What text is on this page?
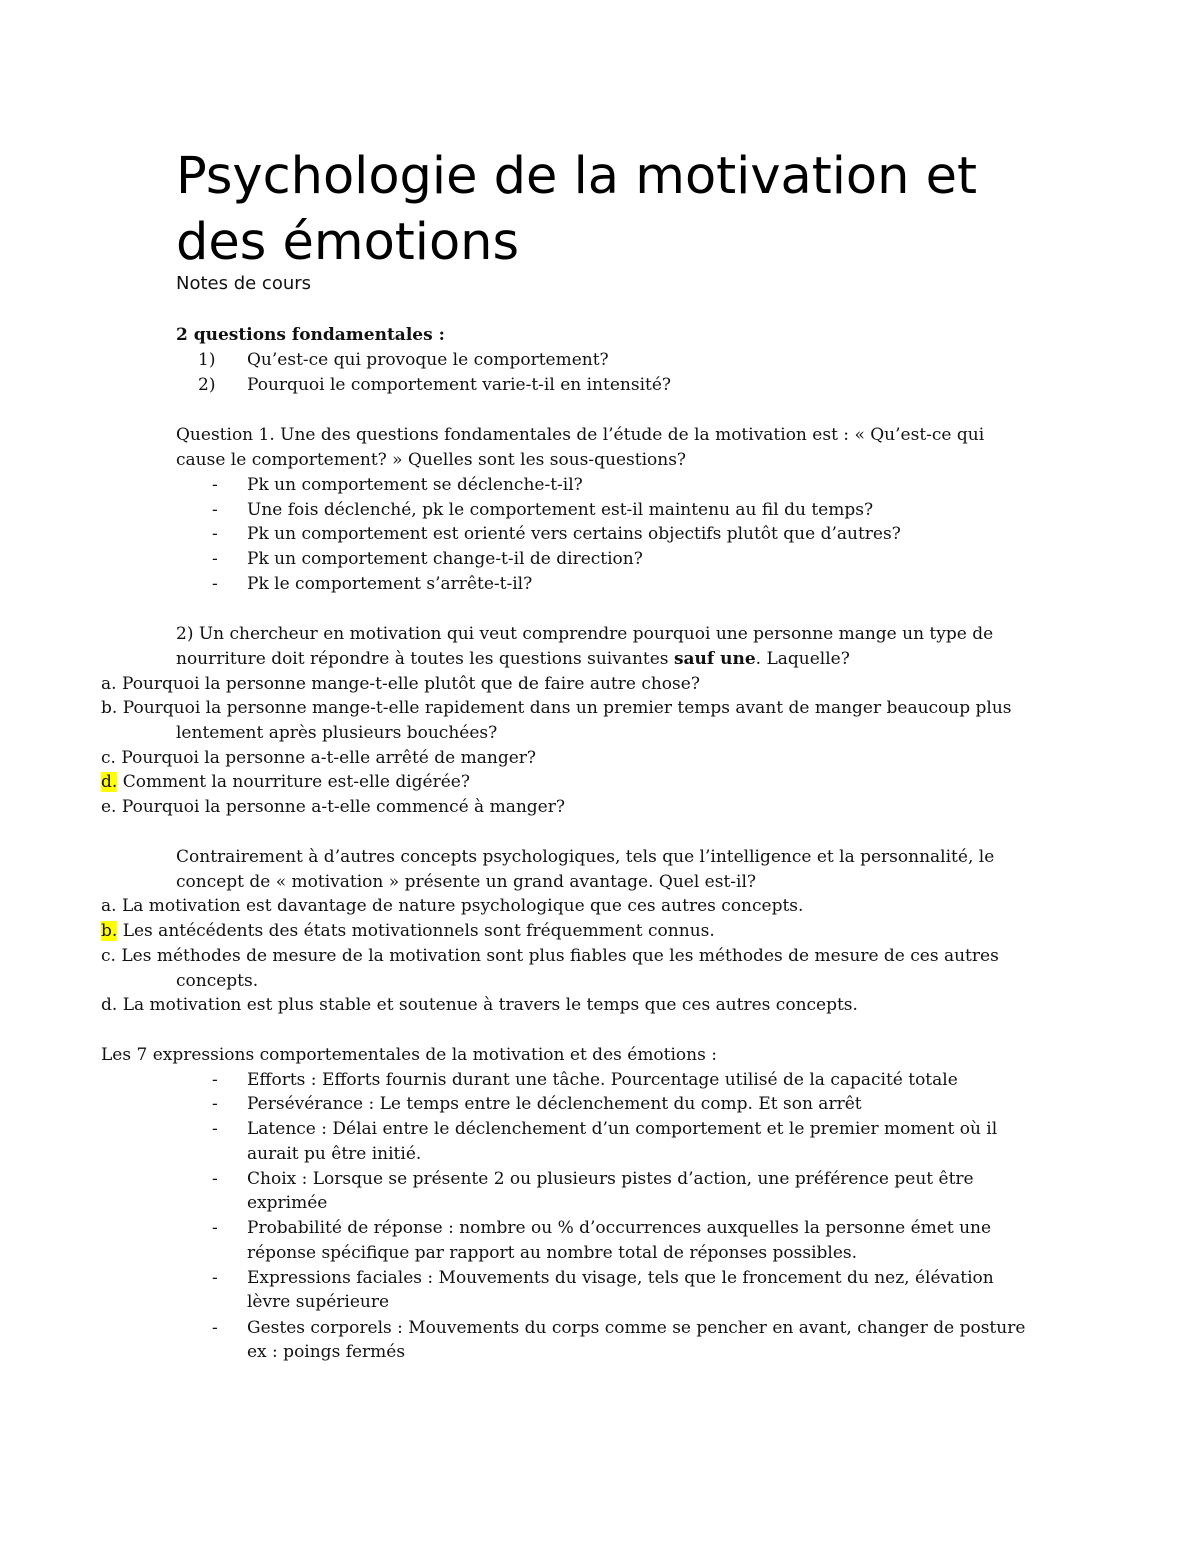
Psychologie de la motivation et des émotions
Notes de cours
2 questions fondamentales :
1) Qu’est-ce qui provoque le comportement?
2) Pourquoi le comportement varie-t-il en intensité?
Question 1. Une des questions fondamentales de l’étude de la motivation est : « Qu’est-ce qui
cause le comportement? » Quelles sont les sous-questions?
- Pk un comportement se déclenche-t-il?
- Une fois déclenché, pk le comportement est-il maintenu au fil du temps?
- Pk un comportement est orienté vers certains objectifs plutôt que d’autres?
- Pk un comportement change-t-il de direction?
- Pk le comportement s’arrête-t-il?
2) Un chercheur en motivation qui veut comprendre pourquoi une personne mange un type de
nourriture doit répondre à toutes les questions suivantes sauf une. Laquelle?
a. Pourquoi la personne mange-t-elle plutôt que de faire autre chose?
b. Pourquoi la personne mange-t-elle rapidement dans un premier temps avant de manger beaucoup plus
lentement après plusieurs bouchées?
c. Pourquoi la personne a-t-elle arrêté de manger?
d. Comment la nourriture est-elle digérée?
e. Pourquoi la personne a-t-elle commencé à manger?
Contrairement à d’autres concepts psychologiques, tels que l’intelligence et la personnalité, le
concept de « motivation » présente un grand avantage. Quel est-il?
a. La motivation est davantage de nature psychologique que ces autres concepts.
b. Les antécédents des états motivationnels sont fréquemment connus.
c. Les méthodes de mesure de la motivation sont plus fiables que les méthodes de mesure de ces autres
concepts.
d. La motivation est plus stable et soutenue à travers le temps que ces autres concepts.
Les 7 expressions comportementales de la motivation et des émotions :
- Efforts : Efforts fournis durant une tâche. Pourcentage utilisé de la capacité totale
- Persévérance : Le temps entre le déclenchement du comp. Et son arrêt
- Latence : Délai entre le déclenchement d’un comportement et le premier moment où il
aurait pu être initié.
- Choix : Lorsque se présente 2 ou plusieurs pistes d’action, une préférence peut être
exprimée
- Probabilité de réponse : nombre ou % d’occurrences auxquelles la personne émet une
réponse spécifique par rapport au nombre total de réponses possibles.
- Expressions faciales : Mouvements du visage, tels que le froncement du nez, élévation
lèvre supérieure
- Gestes corporels : Mouvements du corps comme se pencher en avant, changer de posture
ex : poings fermés
